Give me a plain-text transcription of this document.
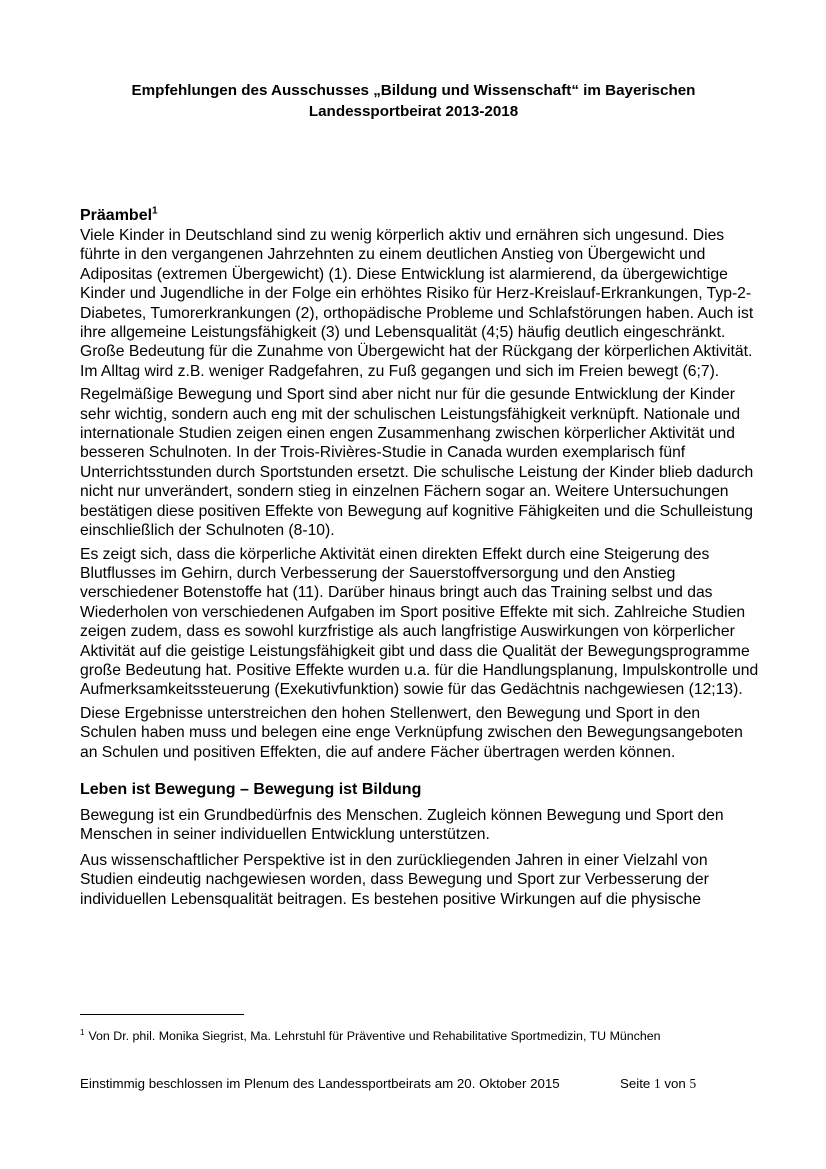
Empfehlungen des Ausschusses „Bildung und Wissenschaft“ im Bayerischen
Landessportbeirat 2013-2018
Präambel$^1$

Viele Kinder in Deutschland sind zu wenig körperlich aktiv und ernähren sich ungesund. Dies führte in den vergangenen Jahrzehnten zu einem deutlichen Anstieg von Übergewicht und Adipositas (extremen Übergewicht) (1). Diese Entwicklung ist alarmierend, da übergewichtige Kinder und Jugendliche in der Folge ein erhöhtes Risiko für Herz-Kreislauf-Erkrankungen, Typ-2-Diabetes, Tumorerkrankungen (2), orthopädische Probleme und Schlafstörungen haben. Auch ist ihre allgemeine Leistungsfähigkeit (3) und Lebensqualität (4;5) häufig deutlich eingeschränkt. Große Bedeutung für die Zunahme von Übergewicht hat der Rückgang der körperlichen Aktivität. Im Alltag wird z.B. weniger Radgefahren, zu Fuß gegangen und sich im Freien bewegt (6;7).

Regelmäßige Bewegung und Sport sind aber nicht nur für die gesunde Entwicklung der Kinder sehr wichtig, sondern auch eng mit der schulischen Leistungsfähigkeit verknüpft. Nationale und internationale Studien zeigen einen engen Zusammenhang zwischen körperlicher Aktivität und besseren Schulnoten. In der Trois-Rivières-Studie in Canada wurden exemplarisch fünf Unterrichtsstunden durch Sportstunden ersetzt. Die schulische Leistung der Kinder blieb dadurch nicht nur unverändert, sondern stieg in einzelnen Fächern sogar an. Weitere Untersuchungen bestätigen diese positiven Effekte von Bewegung auf kognitive Fähigkeiten und die Schulleistung einschließlich der Schulnoten (8-10).

Es zeigt sich, dass die körperliche Aktivität einen direkten Effekt durch eine Steigerung des Blutflusses im Gehirn, durch Verbesserung der Sauerstoffversorgung und den Anstieg verschiedener Botenstoffe hat (11). Darüber hinaus bringt auch das Training selbst und das Wiederholen von verschiedenen Aufgaben im Sport positive Effekte mit sich. Zahlreiche Studien zeigen zudem, dass es sowohl kurzfristige als auch langfristige Auswirkungen von körperlicher Aktivität auf die geistige Leistungsfähigkeit gibt und dass die Qualität der Bewegungsprogramme große Bedeutung hat. Positive Effekte wurden u.a. für die Handlungsplanung, Impulskontrolle und Aufmerksamkeitssteuerung (Exekutivfunktion) sowie für das Gedächtnis nachgewiesen (12;13).

Diese Ergebnisse unterstreichen den hohen Stellenwert, den Bewegung und Sport in den Schulen haben muss und belegen eine enge Verknüpfung zwischen den Bewegungsangeboten an Schulen und positiven Effekten, die auf andere Fächer übertragen werden können.

Leben ist Bewegung – Bewegung ist Bildung

Bewegung ist ein Grundbedürfnis des Menschen. Zugleich können Bewegung und Sport den Menschen in seiner individuellen Entwicklung unterstützen.

Aus wissenschaftlicher Perspektive ist in den zurückliegenden Jahren in einer Vielzahl von Studien eindeutig nachgewiesen worden, dass Bewegung und Sport zur Verbesserung der individuellen Lebensqualität beitragen. Es bestehen positive Wirkungen auf die physische

$^1$ Von Dr. phil. Monika Siegrist, Ma. Lehrstuhl für Präventive und Rehabilitative Sportmedizin, TU München
Einstimmig beschlossen im Plenum des Landessportbeirats am 20. Oktober 2015	Seite 1 von 5
